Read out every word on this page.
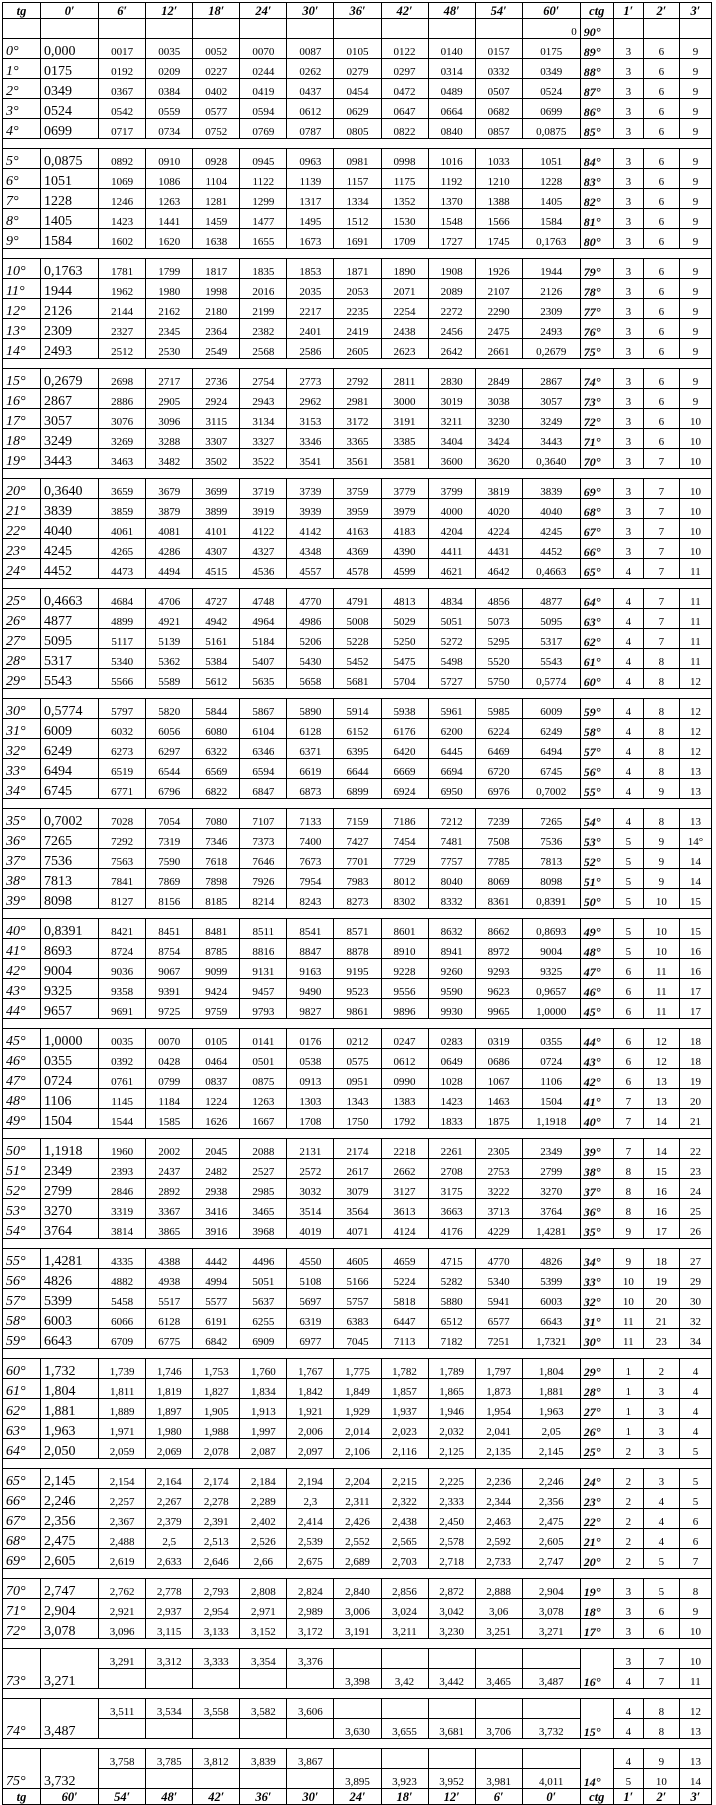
tg	0′	6′	12′	18′	24′	30′	36′	42′	48′	54′	60′	ctg	1′	2′	3′
											0	90°			
0°	0,000	0017	0035	0052	0070	0087	0105	0122	0140	0157	0175	89°	3	6	9
1°	0175	0192	0209	0227	0244	0262	0279	0297	0314	0332	0349	88°	3	6	9
2°	0349	0367	0384	0402	0419	0437	0454	0472	0489	0507	0524	87°	3	6	9
3°	0524	0542	0559	0577	0594	0612	0629	0647	0664	0682	0699	86°	3	6	9
4°	0699	0717	0734	0752	0769	0787	0805	0822	0840	0857	0,0875	85°	3	6	9

5°	0,0875	0892	0910	0928	0945	0963	0981	0998	1016	1033	1051	84°	3	6	9
6°	1051	1069	1086	1104	1122	1139	1157	1175	1192	1210	1228	83°	3	6	9
7°	1228	1246	1263	1281	1299	1317	1334	1352	1370	1388	1405	82°	3	6	9
8°	1405	1423	1441	1459	1477	1495	1512	1530	1548	1566	1584	81°	3	6	9
9°	1584	1602	1620	1638	1655	1673	1691	1709	1727	1745	0,1763	80°	3	6	9

10°	0,1763	1781	1799	1817	1835	1853	1871	1890	1908	1926	1944	79°	3	6	9
11°	1944	1962	1980	1998	2016	2035	2053	2071	2089	2107	2126	78°	3	6	9
12°	2126	2144	2162	2180	2199	2217	2235	2254	2272	2290	2309	77°	3	6	9
13°	2309	2327	2345	2364	2382	2401	2419	2438	2456	2475	2493	76°	3	6	9
14°	2493	2512	2530	2549	2568	2586	2605	2623	2642	2661	0,2679	75°	3	6	9

15°	0,2679	2698	2717	2736	2754	2773	2792	2811	2830	2849	2867	74°	3	6	9
16°	2867	2886	2905	2924	2943	2962	2981	3000	3019	3038	3057	73°	3	6	9
17°	3057	3076	3096	3115	3134	3153	3172	3191	3211	3230	3249	72°	3	6	10
18°	3249	3269	3288	3307	3327	3346	3365	3385	3404	3424	3443	71°	3	6	10
19°	3443	3463	3482	3502	3522	3541	3561	3581	3600	3620	0,3640	70°	3	7	10

20°	0,3640	3659	3679	3699	3719	3739	3759	3779	3799	3819	3839	69°	3	7	10
21°	3839	3859	3879	3899	3919	3939	3959	3979	4000	4020	4040	68°	3	7	10
22°	4040	4061	4081	4101	4122	4142	4163	4183	4204	4224	4245	67°	3	7	10
23°	4245	4265	4286	4307	4327	4348	4369	4390	4411	4431	4452	66°	3	7	10
24°	4452	4473	4494	4515	4536	4557	4578	4599	4621	4642	0,4663	65°	4	7	11

25°	0,4663	4684	4706	4727	4748	4770	4791	4813	4834	4856	4877	64°	4	7	11
26°	4877	4899	4921	4942	4964	4986	5008	5029	5051	5073	5095	63°	4	7	11
27°	5095	5117	5139	5161	5184	5206	5228	5250	5272	5295	5317	62°	4	7	11
28°	5317	5340	5362	5384	5407	5430	5452	5475	5498	5520	5543	61°	4	8	11
29°	5543	5566	5589	5612	5635	5658	5681	5704	5727	5750	0,5774	60°	4	8	12

30°	0,5774	5797	5820	5844	5867	5890	5914	5938	5961	5985	6009	59°	4	8	12
31°	6009	6032	6056	6080	6104	6128	6152	6176	6200	6224	6249	58°	4	8	12
32°	6249	6273	6297	6322	6346	6371	6395	6420	6445	6469	6494	57°	4	8	12
33°	6494	6519	6544	6569	6594	6619	6644	6669	6694	6720	6745	56°	4	8	13
34°	6745	6771	6796	6822	6847	6873	6899	6924	6950	6976	0,7002	55°	4	9	13

35°	0,7002	7028	7054	7080	7107	7133	7159	7186	7212	7239	7265	54°	4	8	13
36°	7265	7292	7319	7346	7373	7400	7427	7454	7481	7508	7536	53°	5	9	14°
37°	7536	7563	7590	7618	7646	7673	7701	7729	7757	7785	7813	52°	5	9	14
38°	7813	7841	7869	7898	7926	7954	7983	8012	8040	8069	8098	51°	5	9	14
39°	8098	8127	8156	8185	8214	8243	8273	8302	8332	8361	0,8391	50°	5	10	15

40°	0,8391	8421	8451	8481	8511	8541	8571	8601	8632	8662	0,8693	49°	5	10	15
41°	8693	8724	8754	8785	8816	8847	8878	8910	8941	8972	9004	48°	5	10	16
42°	9004	9036	9067	9099	9131	9163	9195	9228	9260	9293	9325	47°	6	11	16
43°	9325	9358	9391	9424	9457	9490	9523	9556	9590	9623	0,9657	46°	6	11	17
44°	9657	9691	9725	9759	9793	9827	9861	9896	9930	9965	1,0000	45°	6	11	17

45°	1,0000	0035	0070	0105	0141	0176	0212	0247	0283	0319	0355	44°	6	12	18
46°	0355	0392	0428	0464	0501	0538	0575	0612	0649	0686	0724	43°	6	12	18
47°	0724	0761	0799	0837	0875	0913	0951	0990	1028	1067	1106	42°	6	13	19
48°	1106	1145	1184	1224	1263	1303	1343	1383	1423	1463	1504	41°	7	13	20
49°	1504	1544	1585	1626	1667	1708	1750	1792	1833	1875	1,1918	40°	7	14	21

50°	1,1918	1960	2002	2045	2088	2131	2174	2218	2261	2305	2349	39°	7	14	22
51°	2349	2393	2437	2482	2527	2572	2617	2662	2708	2753	2799	38°	8	15	23
52°	2799	2846	2892	2938	2985	3032	3079	3127	3175	3222	3270	37°	8	16	24
53°	3270	3319	3367	3416	3465	3514	3564	3613	3663	3713	3764	36°	8	16	25
54°	3764	3814	3865	3916	3968	4019	4071	4124	4176	4229	1,4281	35°	9	17	26

55°	1,4281	4335	4388	4442	4496	4550	4605	4659	4715	4770	4826	34°	9	18	27
56°	4826	4882	4938	4994	5051	5108	5166	5224	5282	5340	5399	33°	10	19	29
57°	5399	5458	5517	5577	5637	5697	5757	5818	5880	5941	6003	32°	10	20	30
58°	6003	6066	6128	6191	6255	6319	6383	6447	6512	6577	6643	31°	11	21	32
59°	6643	6709	6775	6842	6909	6977	7045	7113	7182	7251	1,7321	30°	11	23	34

60°	1,732	1,739	1,746	1,753	1,760	1,767	1,775	1,782	1,789	1,797	1,804	29°	1	2	4
61°	1,804	1,811	1,819	1,827	1,834	1,842	1,849	1,857	1,865	1,873	1,881	28°	1	3	4
62°	1,881	1,889	1,897	1,905	1,913	1,921	1,929	1,937	1,946	1,954	1,963	27°	1	3	4
63°	1,963	1,971	1,980	1,988	1,997	2,006	2,014	2,023	2,032	2,041	2,05	26°	1	3	4
64°	2,050	2,059	2,069	2,078	2,087	2,097	2,106	2,116	2,125	2,135	2,145	25°	2	3	5

65°	2,145	2,154	2,164	2,174	2,184	2,194	2,204	2,215	2,225	2,236	2,246	24°	2	3	5
66°	2,246	2,257	2,267	2,278	2,289	2,3	2,311	2,322	2,333	2,344	2,356	23°	2	4	5
67°	2,356	2,367	2,379	2,391	2,402	2,414	2,426	2,438	2,450	2,463	2,475	22°	2	4	6
68°	2,475	2,488	2,5	2,513	2,526	2,539	2,552	2,565	2,578	2,592	2,605	21°	2	4	6
69°	2,605	2,619	2,633	2,646	2,66	2,675	2,689	2,703	2,718	2,733	2,747	20°	2	5	7

70°	2,747	2,762	2,778	2,793	2,808	2,824	2,840	2,856	2,872	2,888	2,904	19°	3	5	8
71°	2,904	2,921	2,937	2,954	2,971	2,989	3,006	3,024	3,042	3,06	3,078	18°	3	6	9
72°	3,078	3,096	3,115	3,133	3,152	3,172	3,191	3,211	3,230	3,251	3,271	17°	3	6	10

73°	3,271	3,291	3,312	3,333	3,354	3,376						16°	3	7	10
							3,398	3,42	3,442	3,465	3,487		4	7	11

74°	3,487	3,511	3,534	3,558	3,582	3,606						15°	4	8	12
							3,630	3,655	3,681	3,706	3,732		4	8	13

75°	3,732	3,758	3,785	3,812	3,839	3,867						14°	4	9	13
							3,895	3,923	3,952	3,981	4,011		5	10	14
tg	60′	54′	48′	42′	36′	30′	24′	18′	12′	6′	0′	ctg	1′	2′	3′
